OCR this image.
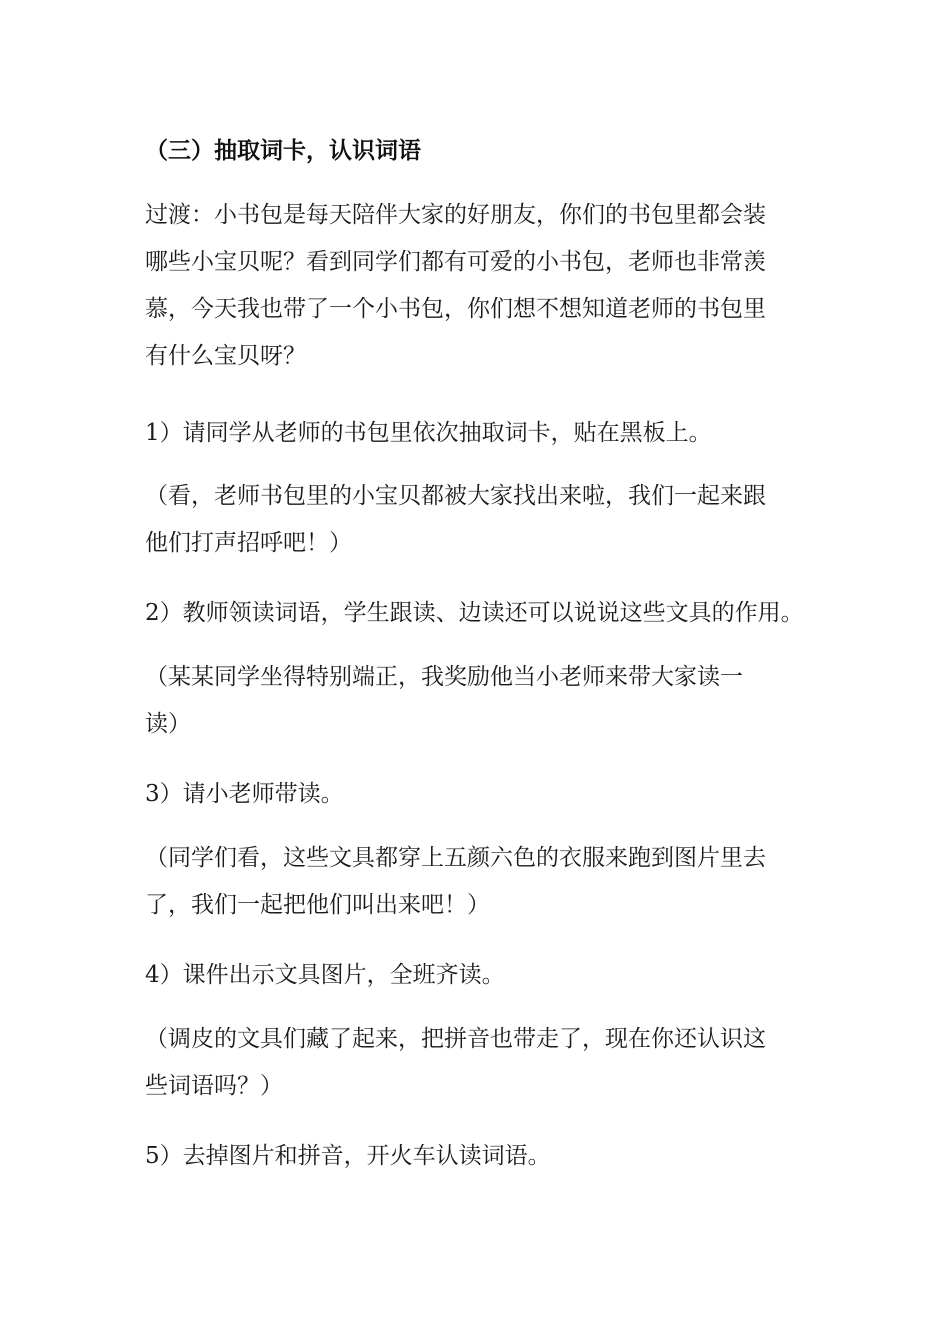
（三）抽取词卡，认识词语
过渡：小书包是每天陪伴大家的好朋友，你们的书包里都会装
哪些小宝贝呢？看到同学们都有可爱的小书包，老师也非常羡
慕，今天我也带了一个小书包，你们想不想知道老师的书包里
有什么宝贝呀？
1）请同学从老师的书包里依次抽取词卡，贴在黑板上。
（看，老师书包里的小宝贝都被大家找出来啦，我们一起来跟
他们打声招呼吧！）
2）教师领读词语，学生跟读、边读还可以说说这些文具的作用。
（某某同学坐得特别端正，我奖励他当小老师来带大家读一
读）
3）请小老师带读。
（同学们看，这些文具都穿上五颜六色的衣服来跑到图片里去
了，我们一起把他们叫出来吧！）
4）课件出示文具图片，全班齐读。
（调皮的文具们藏了起来，把拼音也带走了，现在你还认识这
些词语吗？）
5）去掉图片和拼音，开火车认读词语。
